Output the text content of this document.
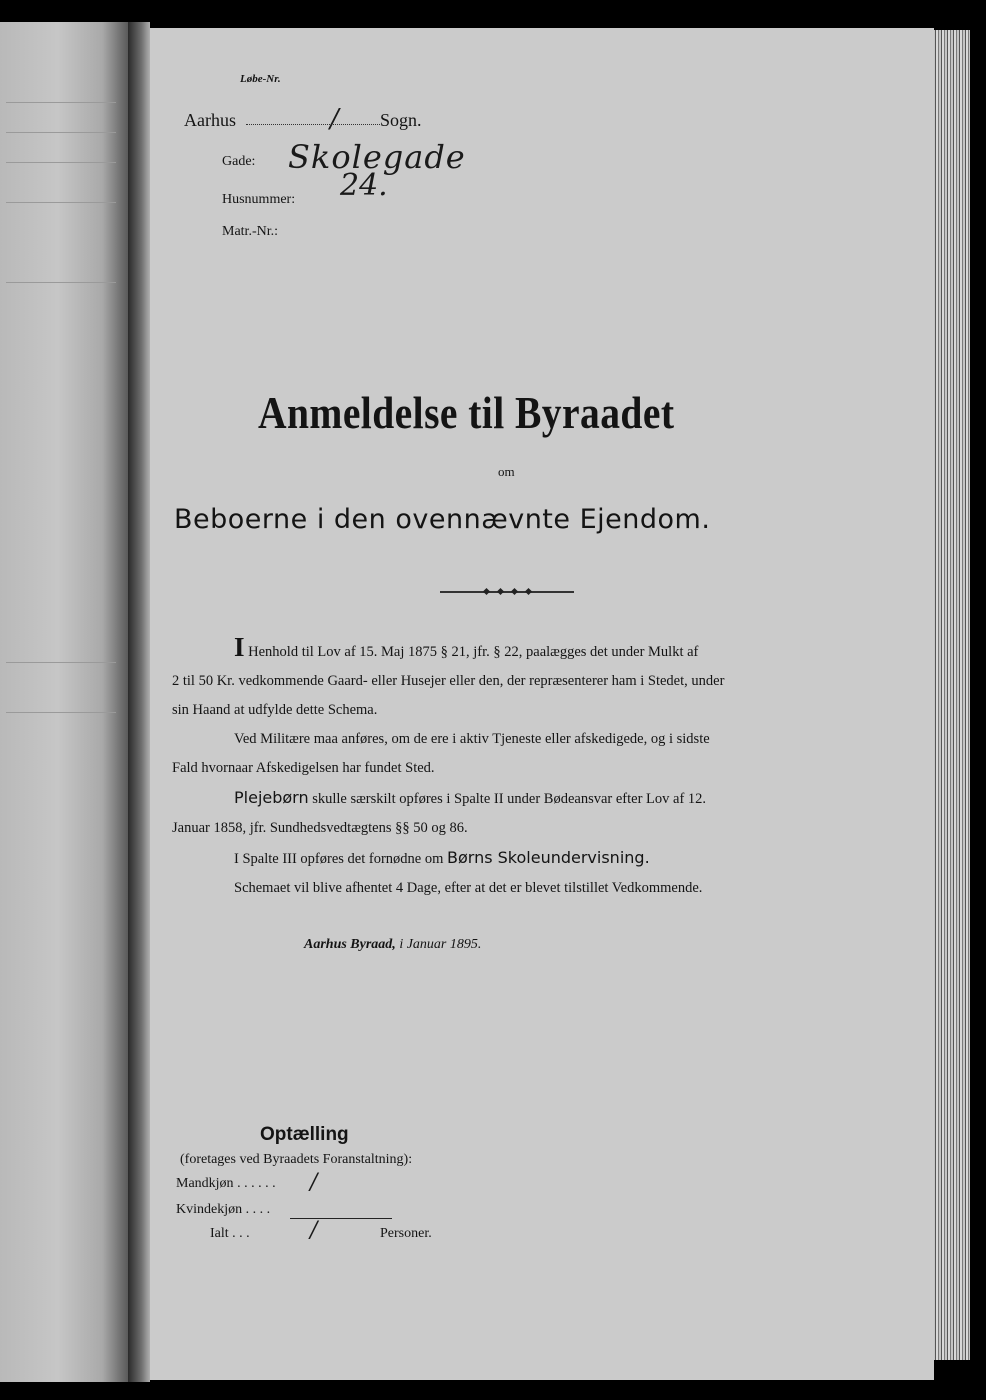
Løbe-Nr.
Aarhus	/ Sogn.
Gade: Skolegade
Husnummer: 24.
Matr.-Nr.:
Anmeldelse til Byraadet
om
Beboerne i den ovennævnte Ejendom.
I Henhold til Lov af 15. Maj 1875 § 21, jfr. § 22, paalægges det under Mulkt af
2 til 50 Kr. vedkommende Gaard- eller Husejer eller den, der repræsenterer ham i Stedet, under
sin Haand at udfylde dette Schema.
Ved Militære maa anføres, om de ere i aktiv Tjeneste eller afskedigede, og i sidste
Fald hvornaar Afskedigelsen har fundet Sted.
Plejebørn skulle særskilt opføres i Spalte II under Bødeansvar efter Lov af 12.
Januar 1858, jfr. Sundhedsvedtægtens §§ 50 og 86.
I Spalte III opføres det fornødne om Børns Skoleundervisning.
Schemaet vil blive afhentet 4 Dage, efter at det er blevet tilstillet Vedkommende.
Aarhus Byraad, i Januar 1895.
Optælling
(foretages ved Byraadets Foranstaltning):
Mandkjøn . . . . . . /
Kvindekjøn . . . .
Ialt . . .	/	Personer.
